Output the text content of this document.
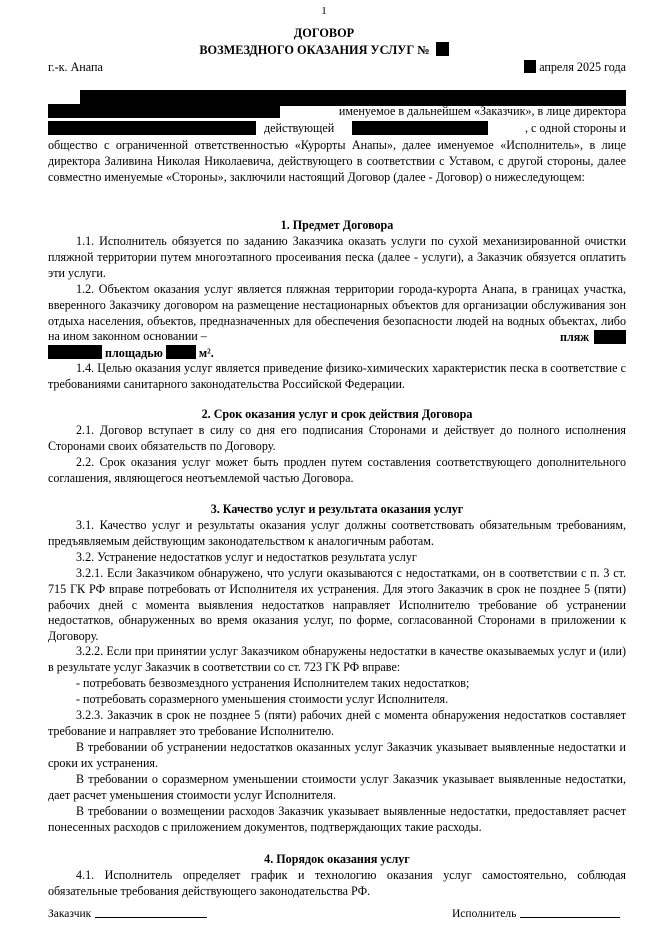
1
ДОГОВОР
ВОЗМЕЗДНОГО ОКАЗАНИЯ УСЛУГ №
г.-к. Анапа	апреля 2025 года
именуемое в дальнейшем «Заказчик», в лице директора
действующей	, с одной стороны и

общество с ограниченной ответственностью «Курорты Анапы», далее именуемое «Исполнитель», в лице директора Заливина Николая Николаевича, действующего в соответствии с Уставом, с другой стороны, далее совместно именуемые «Стороны», заключили настоящий Договор (далее - Договор) о нижеследующем:

1. Предмет Договора

1.1. Исполнитель обязуется по заданию Заказчика оказать услуги по сухой механизированной очистки пляжной территории путем многоэтапного просеивания песка (далее - услуги), а Заказчик обязуется оплатить эти услуги.

1.2. Объектом оказания услуг является пляжная территории города-курорта Анапа, в границах участка, вверенного Заказчику договором на размещение нестационарных объектов для организации обслуживания зон отдыха населения, объектов, предназначенных для обеспечения безопасности людей на водных объектах, либо на ином законном основании –	пляж
площадью	м².

1.4. Целью оказания услуг является приведение физико-химических характеристик песка в соответствие с требованиями санитарного законодательства Российской Федерации.

2. Срок оказания услуг и срок действия Договора

2.1. Договор вступает в силу со дня его подписания Сторонами и действует до полного исполнения Сторонами своих обязательств по Договору.

2.2. Срок оказания услуг может быть продлен путем составления соответствующего дополнительного соглашения, являющегося неотъемлемой частью Договора.

3. Качество услуг и результата оказания услуг

3.1. Качество услуг и результаты оказания услуг должны соответствовать обязательным требованиям, предъявляемым действующим законодательством к аналогичным работам.

3.2. Устранение недостатков услуг и недостатков результата услуг

3.2.1. Если Заказчиком обнаружено, что услуги оказываются с недостатками, он в соответствии с п. 3 ст. 715 ГК РФ вправе потребовать от Исполнителя их устранения. Для этого Заказчик в срок не позднее 5 (пяти) рабочих дней с момента выявления недостатков направляет Исполнителю требование об устранении недостатков, обнаруженных во время оказания услуг, по форме, согласованной Сторонами в приложении к Договору.

3.2.2. Если при принятии услуг Заказчиком обнаружены недостатки в качестве оказываемых услуг и (или) в результате услуг Заказчик в соответствии со ст. 723 ГК РФ вправе:

- потребовать безвозмездного устранения Исполнителем таких недостатков;

- потребовать соразмерного уменьшения стоимости услуг Исполнителя.

3.2.3. Заказчик в срок не позднее 5 (пяти) рабочих дней с момента обнаружения недостатков составляет требование и направляет это требование Исполнителю.

В требовании об устранении недостатков оказанных услуг Заказчик указывает выявленные недостатки и сроки их устранения.

В требовании о соразмерном уменьшении стоимости услуг Заказчик указывает выявленные недостатки, дает расчет уменьшения стоимости услуг Исполнителя.

В требовании о возмещении расходов Заказчик указывает выявленные недостатки, предоставляет расчет понесенных расходов с приложением документов, подтверждающих такие расходы.

4. Порядок оказания услуг

4.1. Исполнитель определяет график и технологию оказания услуг самостоятельно, соблюдая обязательные требования действующего законодательства РФ.

Заказчик	Исполнитель
